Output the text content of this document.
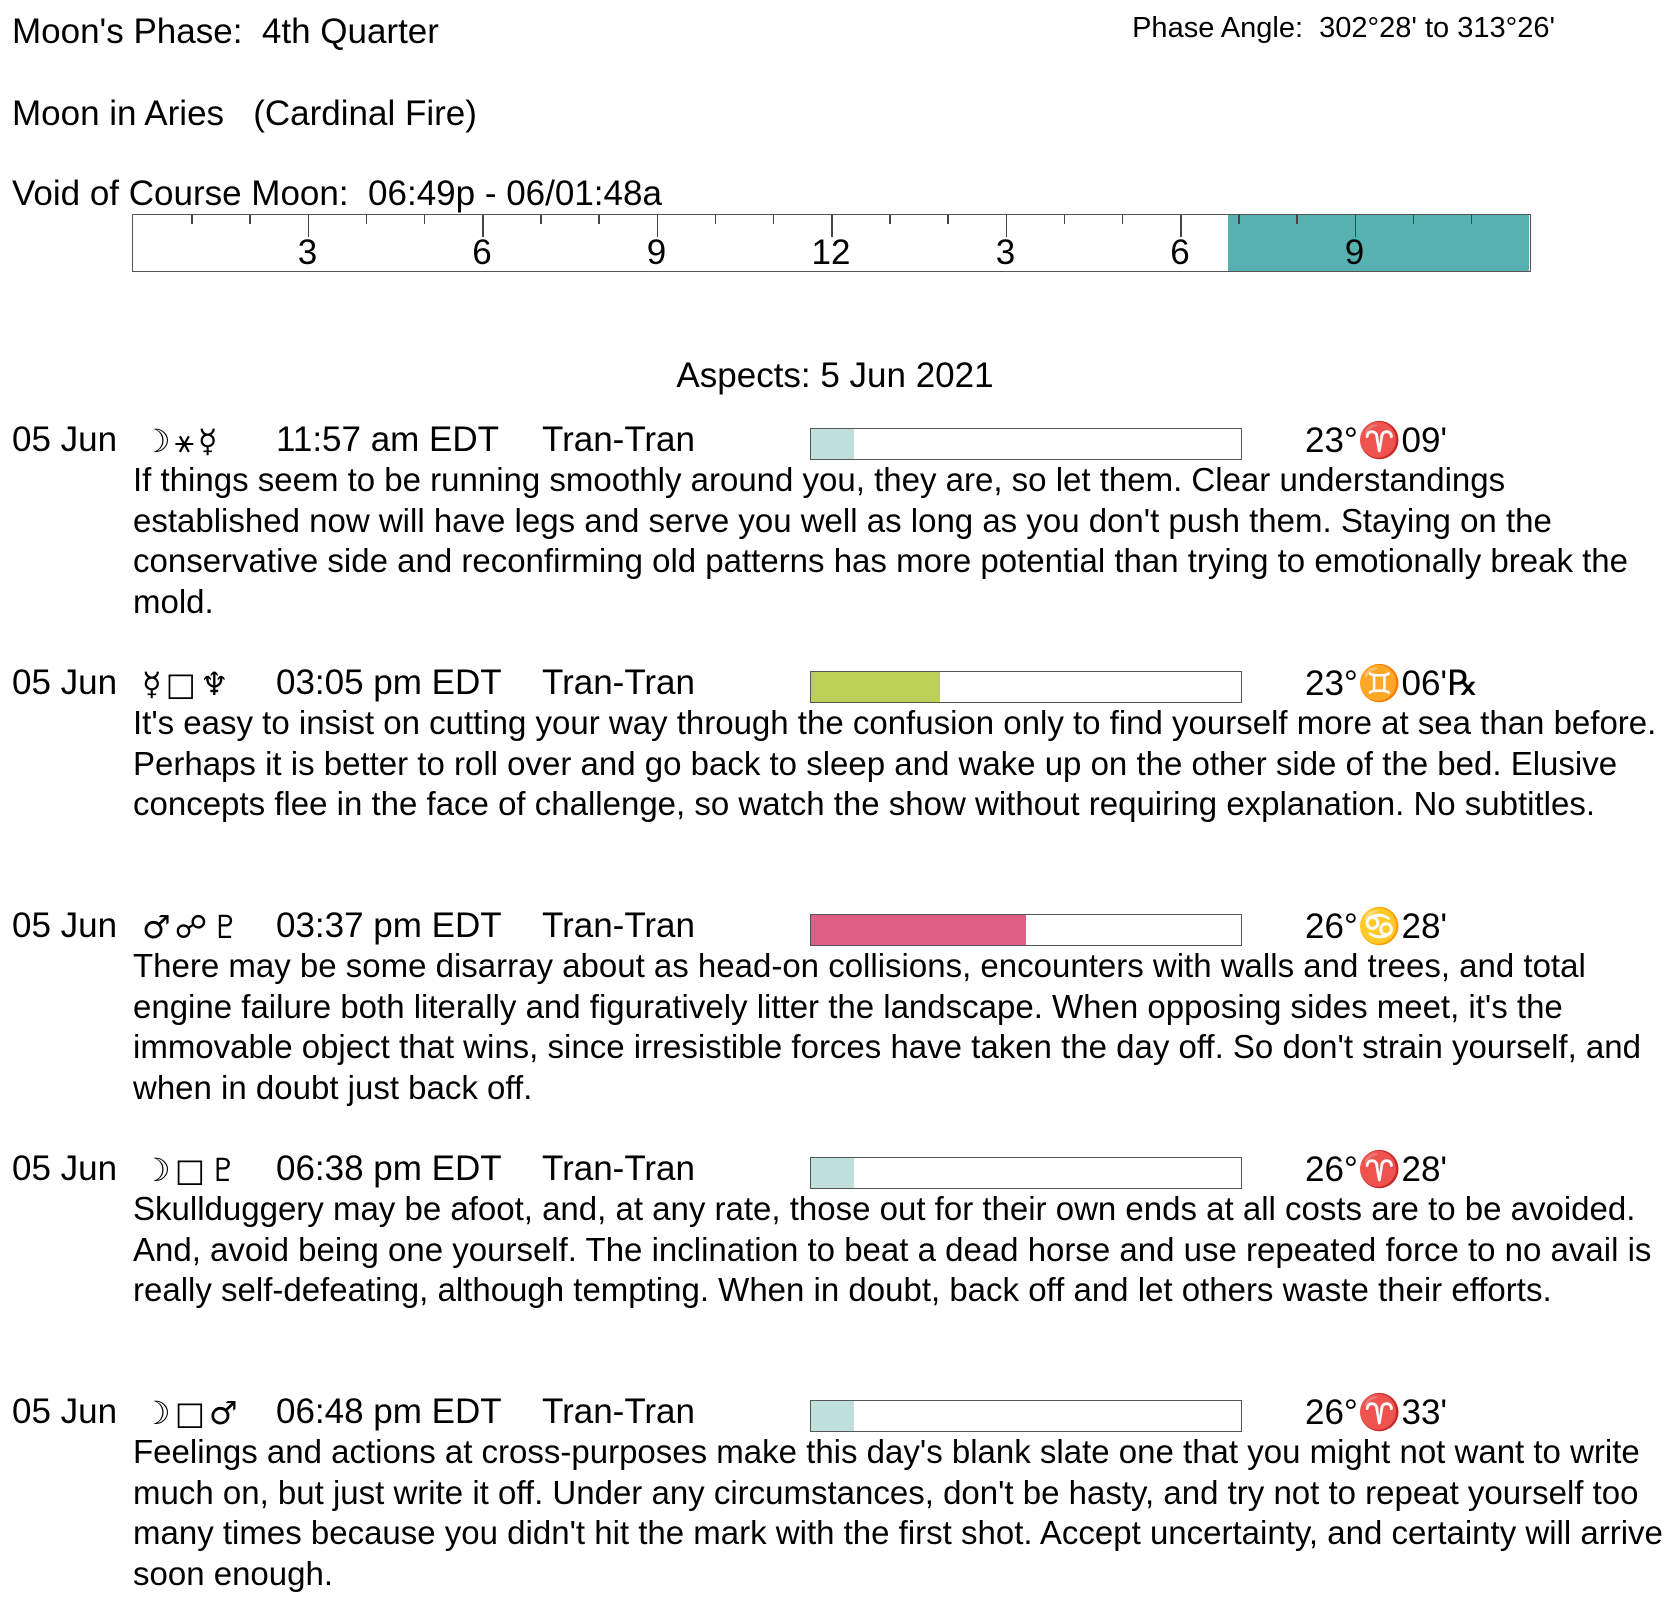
Moon's Phase: 4th Quarter	Phase Angle: 302°28' to 313°26'
Moon in Aries (Cardinal Fire)
Void of Course Moon: 06:49p - 06/01:48a
3	6	9	12	3	6	9
Aspects: 5 Jun 2021
05 Jun ☽⚹☿ 11:57 am EDT Tran-Tran	23°♈09'
If things seem to be running smoothly around you, they are, so let them. Clear understandings established now will have legs and serve you well as long as you don't push them. Staying on the conservative side and reconfirming old patterns has more potential than trying to emotionally break the mold.
05 Jun ☿□♆ 03:05 pm EDT Tran-Tran	23°♊06'℞
It's easy to insist on cutting your way through the confusion only to find yourself more at sea than before. Perhaps it is better to roll over and go back to sleep and wake up on the other side of the bed. Elusive concepts flee in the face of challenge, so watch the show without requiring explanation. No subtitles.
05 Jun ♂☍♇ 03:37 pm EDT Tran-Tran	26°♋28'
There may be some disarray about as head-on collisions, encounters with walls and trees, and total engine failure both literally and figuratively litter the landscape. When opposing sides meet, it's the immovable object that wins, since irresistible forces have taken the day off. So don't strain yourself, and when in doubt just back off.
05 Jun ☽□♇ 06:38 pm EDT Tran-Tran	26°♈28'
Skullduggery may be afoot, and, at any rate, those out for their own ends at all costs are to be avoided. And, avoid being one yourself. The inclination to beat a dead horse and use repeated force to no avail is really self-defeating, although tempting. When in doubt, back off and let others waste their efforts.
05 Jun ☽□♂ 06:48 pm EDT Tran-Tran	26°♈33'
Feelings and actions at cross-purposes make this day's blank slate one that you might not want to write much on, but just write it off. Under any circumstances, don't be hasty, and try not to repeat yourself too many times because you didn't hit the mark with the first shot. Accept uncertainty, and certainty will arrive soon enough.
